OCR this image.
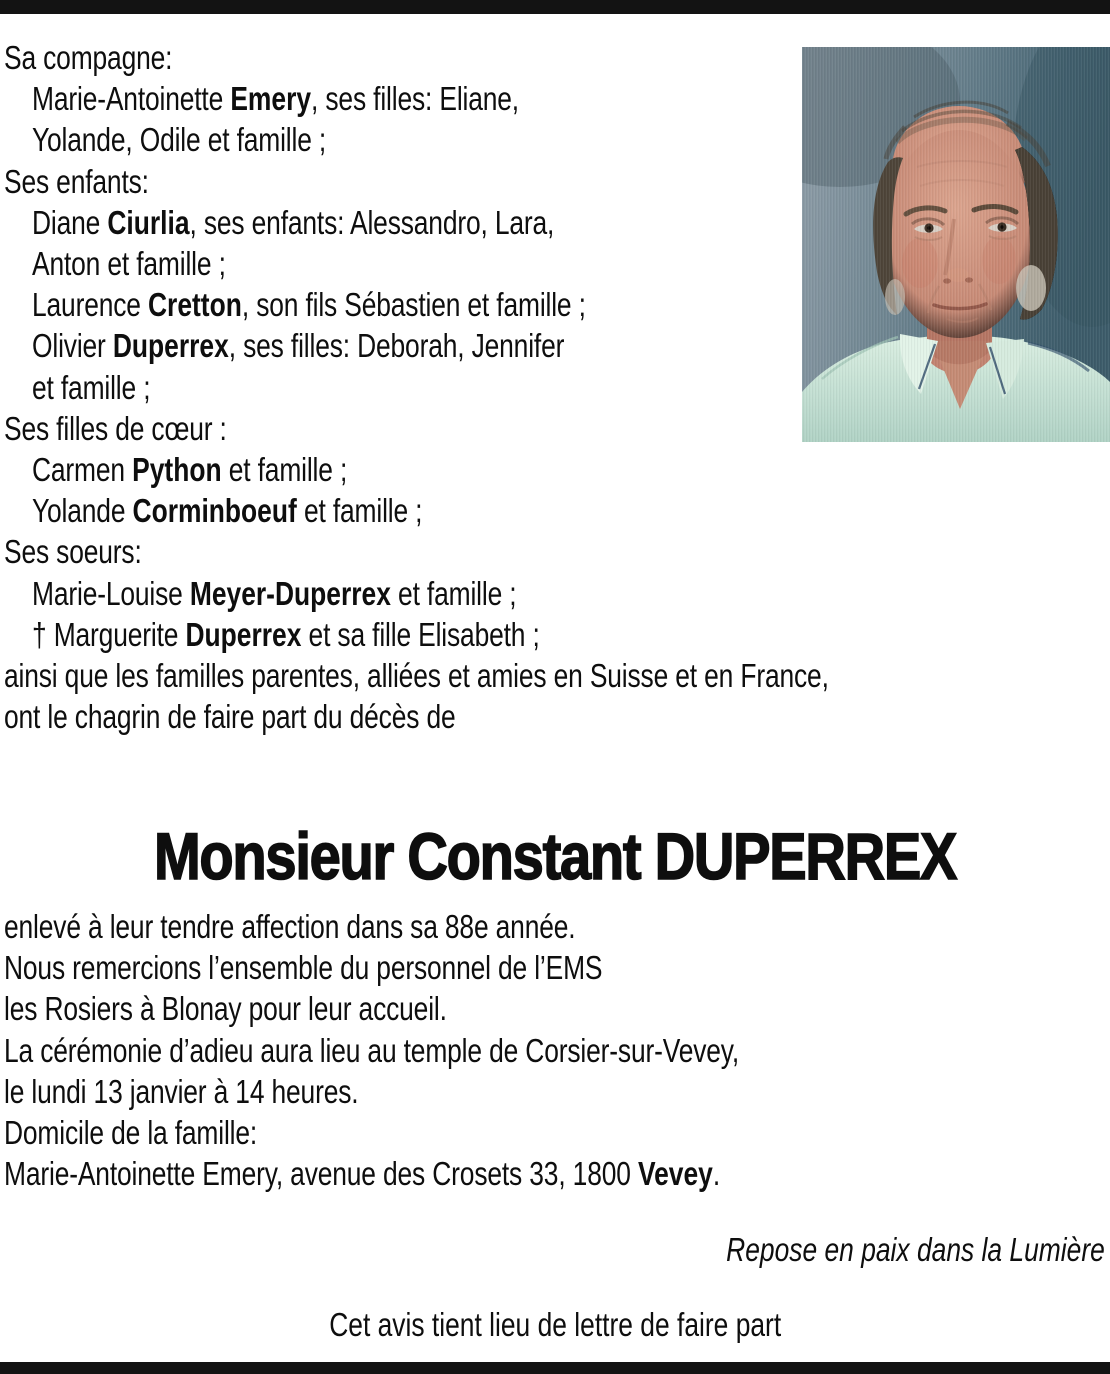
Sa compagne:
Marie-Antoinette Emery, ses filles: Eliane,
Yolande, Odile et famille ;
Ses enfants:
Diane Ciurlia, ses enfants: Alessandro, Lara,
Anton et famille ;
Laurence Cretton, son fils Sébastien et famille ;
Olivier Duperrex, ses filles: Deborah, Jennifer
et famille ;
Ses filles de cœur :
Carmen Python et famille ;
Yolande Corminboeuf et famille ;
Ses soeurs:
Marie-Louise Meyer-Duperrex et famille ;
† Marguerite Duperrex et sa fille Elisabeth ;
ainsi que les familles parentes, alliées et amies en Suisse et en France,
ont le chagrin de faire part du décès de
Monsieur Constant DUPERREX
enlevé à leur tendre affection dans sa 88e année.
Nous remercions l’ensemble du personnel de l’EMS
les Rosiers à Blonay pour leur accueil.
La cérémonie d’adieu aura lieu au temple de Corsier-sur-Vevey,
le lundi 13 janvier à 14 heures.
Domicile de la famille:
Marie-Antoinette Emery, avenue des Crosets 33, 1800 Vevey.
Repose en paix dans la Lumière
Cet avis tient lieu de lettre de faire part
